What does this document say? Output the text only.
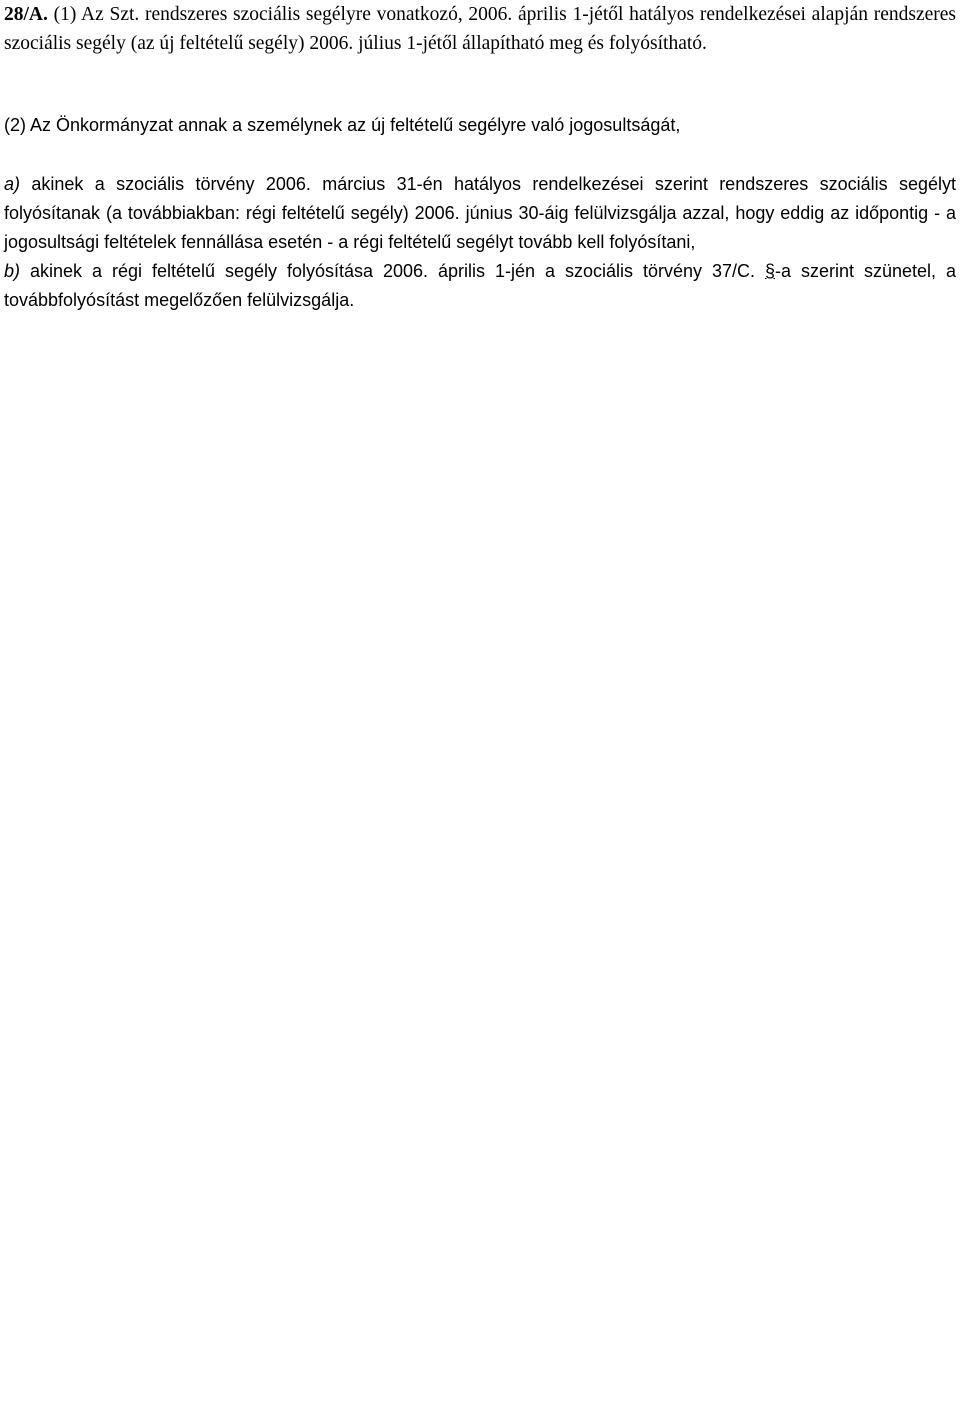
28/A. (1) Az Szt. rendszeres szociális segélyre vonatkozó, 2006. április 1-jétől hatályos rendelkezései alapján rendszeres szociális segély (az új feltételű segély) 2006. július 1-jétől állapítható meg és folyósítható.

(2) Az Önkormányzat annak a személynek az új feltételű segélyre való jogosultságát,

a) akinek a szociális törvény 2006. március 31-én hatályos rendelkezései szerint rendszeres szociális segélyt folyósítanak (a továbbiakban: régi feltételű segély) 2006. június 30-áig felülvizsgálja azzal, hogy eddig az időpontig - a jogosultsági feltételek fennállása esetén - a régi feltételű segélyt tovább kell folyósítani,
b) akinek a régi feltételű segély folyósítása 2006. április 1-jén a szociális törvény 37/C. §-a szerint szünetel, a továbbfolyósítást megelőzően felülvizsgálja.
